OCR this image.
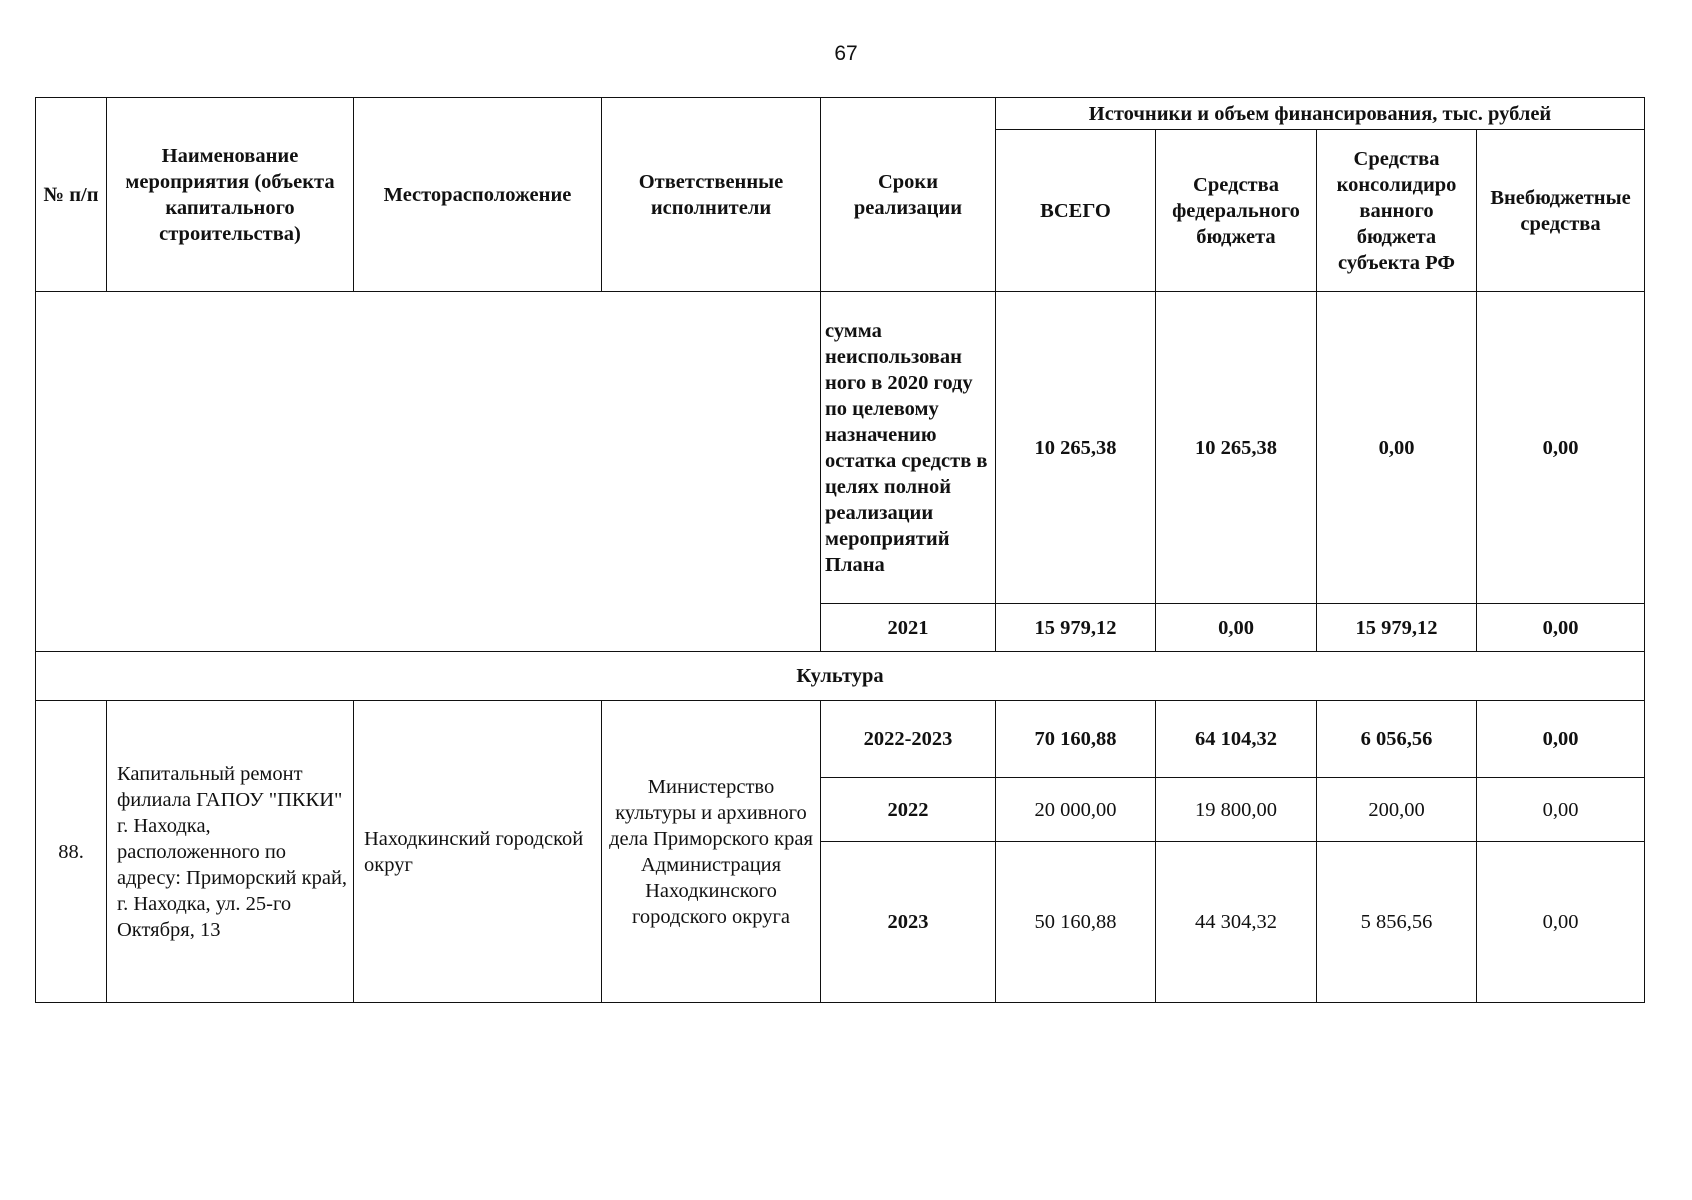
67
№ п/п	Наименование мероприятия (объекта капитального строительства)	Месторасположение	Ответственные исполнители	Сроки реализации	Источники и объем финансирования, тыс. рублей			
					ВСЕГО	Средства федерального бюджета	Средства консолидиро ванного бюджета субъекта РФ	Внебюджетные средства
				сумма неиспользован ного в 2020 году по целевому назначению остатка средств в целях полной реализации мероприятий Плана	10 265,38	10 265,38	0,00	0,00
				2021	15 979,12	0,00	15 979,12	0,00
Культура								
88.	Капитальный ремонт филиала ГАПОУ "ПККИ" г. Находка, расположенного по адресу: Приморский край, г. Находка, ул. 25-го Октября, 13	Находкинский городской округ	Министерство культуры и архивного дела Приморского края Администрация Находкинского городского округа	2022-2023	70 160,88	64 104,32	6 056,56	0,00
				2022	20 000,00	19 800,00	200,00	0,00
				2023	50 160,88	44 304,32	5 856,56	0,00
